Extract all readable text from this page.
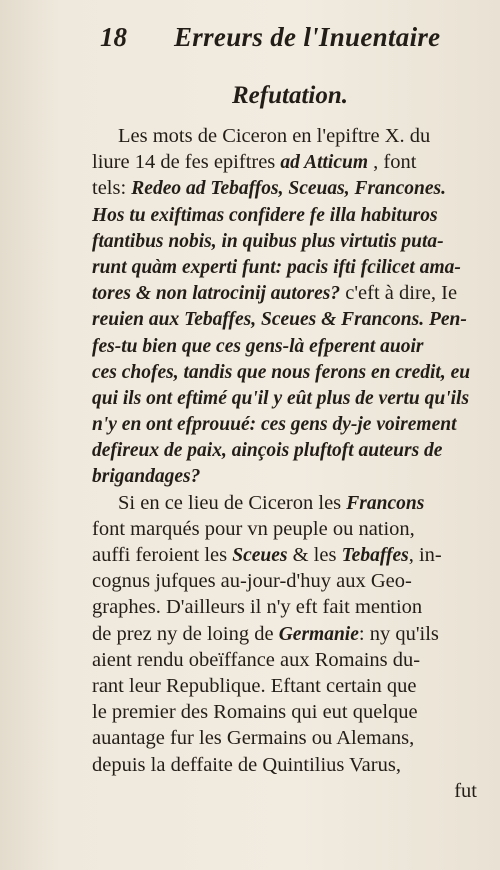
18 Erreurs de l'Inuentaire
Refutation.
Les mots de Ciceron en l'epiftre X. du
liure 14 de fes epiftres ad Atticum , font
tels: Redeo ad Tebaffos, Sceuas, Francones.
Hos tu exiftimas confidere fe illa habituros
ftantibus nobis, in quibus plus virtutis puta-
runt quàm experti funt: pacis ifti fcilicet ama-
tores & non latrocinij autores? c'eft à dire, Ie
reuien aux Tebaffes, Sceues & Francons. Pen-
fes-tu bien que ces gens-là efperent auoir
ces chofes, tandis que nous ferons en credit, eu
qui ils ont eftimé qu'il y eût plus de vertu qu'ils
n'y en ont efprouué: ces gens dy-je voirement
defireux de paix, ainçois pluftoft auteurs de
brigandages?
Si en ce lieu de Ciceron les Francons
font marqués pour vn peuple ou nation,
auffi feroient les Sceues & les Tebaffes, in-
cognus jufques au-jour-d'huy aux Geo-
graphes. D'ailleurs il n'y eft fait mention
de prez ny de loing de Germanie: ny qu'ils
aient rendu obeïffance aux Romains du-
rant leur Republique. Eftant certain que
le premier des Romains qui eut quelque
auantage fur les Germains ou Alemans,
depuis la deffaite de Quintilius Varus,
fut
